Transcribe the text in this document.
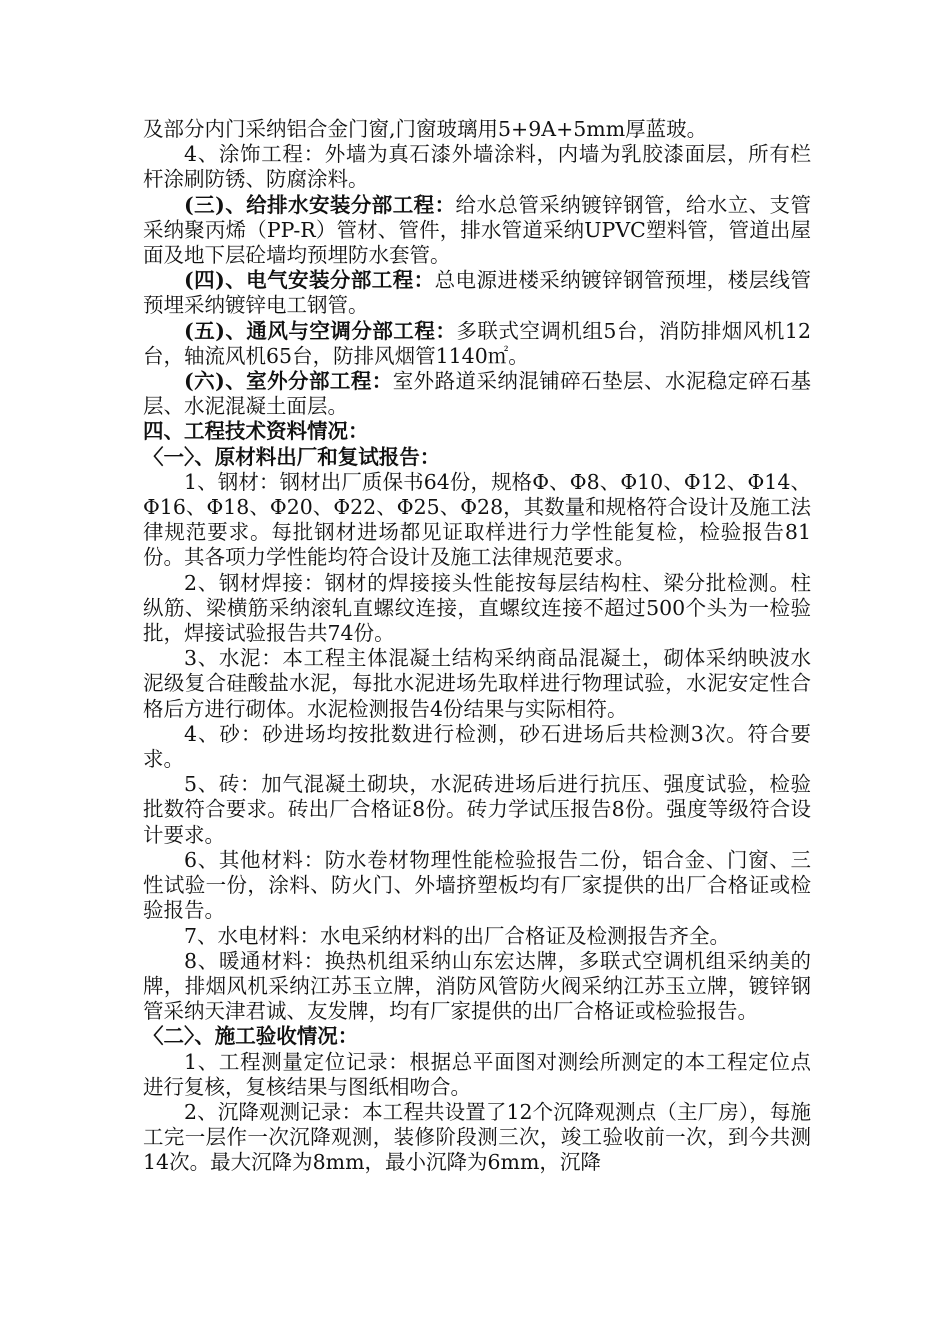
及部分内门采纳铝合金门窗,门窗玻璃用5+9A+5mm厚蓝玻。

4、涂饰工程：外墙为真石漆外墙涂料，内墙为乳胶漆面层，所有栏杆涂刷防锈、防腐涂料。

(三)、给排水安装分部工程：给水总管采纳镀锌钢管，给水立、支管采纳聚丙烯（PP-R）管材、管件，排水管道采纳UPVC塑料管，管道出屋面及地下层砼墙均预埋防水套管。

(四)、电气安装分部工程：总电源进楼采纳镀锌钢管预埋，楼层线管预埋采纳镀锌电工钢管。

(五)、通风与空调分部工程：多联式空调机组5台，消防排烟风机12台，轴流风机65台，防排风烟管1140㎡。

(六)、室外分部工程：室外路道采纳混铺碎石垫层、水泥稳定碎石基层、水泥混凝土面层。

四、工程技术资料情况：

〈一〉、原材料出厂和复试报告：

1、钢材：钢材出厂质保书64份，规格Φ、Φ8、Φ10、Φ12、Φ14、Φ16、Φ18、Φ20、Φ22、Φ25、Φ28，其数量和规格符合设计及施工法律规范要求。每批钢材进场都见证取样进行力学性能复检，检验报告81份。其各项力学性能均符合设计及施工法律规范要求。

2、钢材焊接：钢材的焊接接头性能按每层结构柱、梁分批检测。柱纵筋、梁横筋采纳滚轧直螺纹连接，直螺纹连接不超过500个头为一检验批，焊接试验报告共74份。

3、水泥：本工程主体混凝土结构采纳商品混凝土，砌体采纳映波水泥级复合硅酸盐水泥，每批水泥进场先取样进行物理试验，水泥安定性合格后方进行砌体。水泥检测报告4份结果与实际相符。

4、砂：砂进场均按批数进行检测，砂石进场后共检测3次。符合要求。

5、砖：加气混凝土砌块，水泥砖进场后进行抗压、强度试验，检验批数符合要求。砖出厂合格证8份。砖力学试压报告8份。强度等级符合设计要求。

6、其他材料：防水卷材物理性能检验报告二份，铝合金、门窗、三性试验一份，涂料、防火门、外墙挤塑板均有厂家提供的出厂合格证或检验报告。

7、水电材料：水电采纳材料的出厂合格证及检测报告齐全。

8、暖通材料：换热机组采纳山东宏达牌，多联式空调机组采纳美的牌，排烟风机采纳江苏玉立牌，消防风管防火阀采纳江苏玉立牌，镀锌钢管采纳天津君诚、友发牌，均有厂家提供的出厂合格证或检验报告。

〈二〉、施工验收情况：

1、工程测量定位记录：根据总平面图对测绘所测定的本工程定位点进行复核，复核结果与图纸相吻合。

2、沉降观测记录：本工程共设置了12个沉降观测点（主厂房），每施工完一层作一次沉降观测，装修阶段测三次，竣工验收前一次，到今共测14次。最大沉降为8mm，最小沉降为6mm，沉降
